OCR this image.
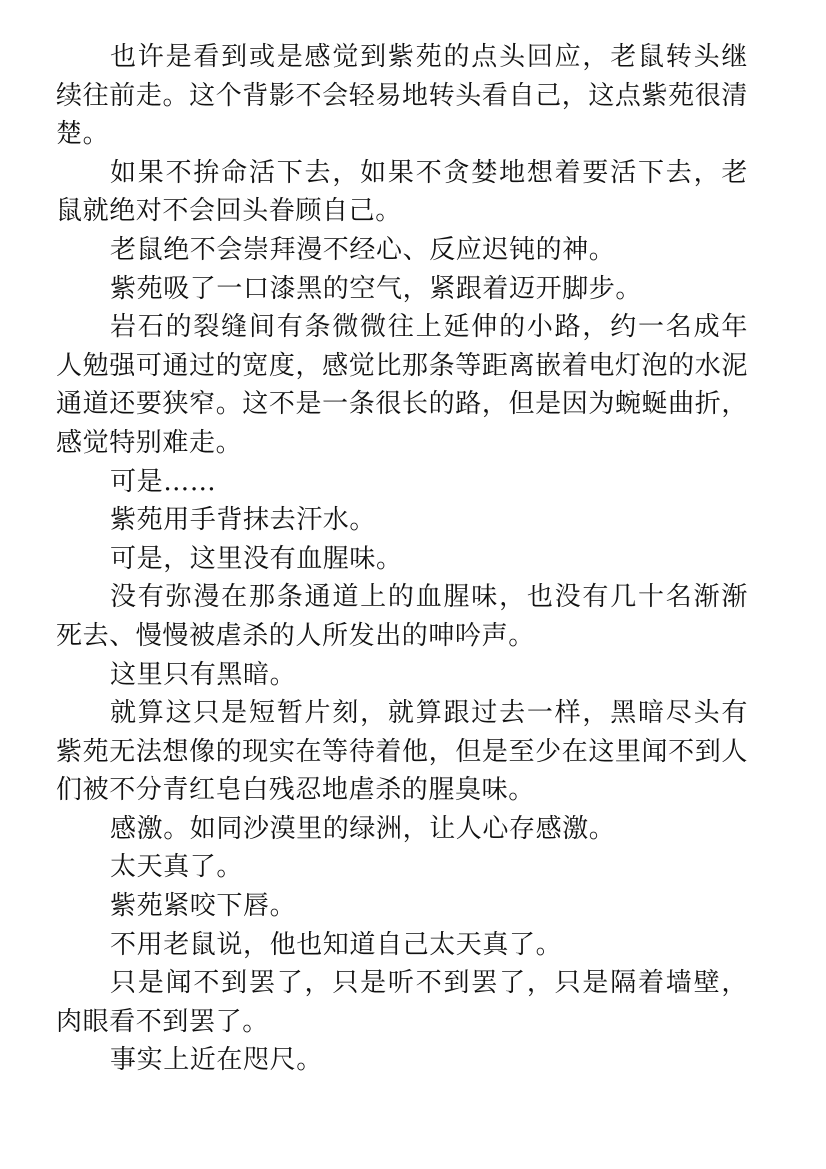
也许是看到或是感觉到紫苑的点头回应，老鼠转头继续往前走。这个背影不会轻易地转头看自己，这点紫苑很清楚。

如果不拚命活下去，如果不贪婪地想着要活下去，老鼠就绝对不会回头眷顾自己。

老鼠绝不会崇拜漫不经心、反应迟钝的神。

紫苑吸了一口漆黑的空气，紧跟着迈开脚步。

岩石的裂缝间有条微微往上延伸的小路，约一名成年人勉强可通过的宽度，感觉比那条等距离嵌着电灯泡的水泥通道还要狭窄。这不是一条很长的路，但是因为蜿蜒曲折，感觉特别难走。

可是……

紫苑用手背抹去汗水。

可是，这里没有血腥味。

没有弥漫在那条通道上的血腥味，也没有几十名渐渐死去、慢慢被虐杀的人所发出的呻吟声。

这里只有黑暗。

就算这只是短暂片刻，就算跟过去一样，黑暗尽头有紫苑无法想像的现实在等待着他，但是至少在这里闻不到人们被不分青红皂白残忍地虐杀的腥臭味。

感激。如同沙漠里的绿洲，让人心存感激。

太天真了。

紫苑紧咬下唇。

不用老鼠说，他也知道自己太天真了。

只是闻不到罢了，只是听不到罢了，只是隔着墙壁，肉眼看不到罢了。

事实上近在咫尺。
